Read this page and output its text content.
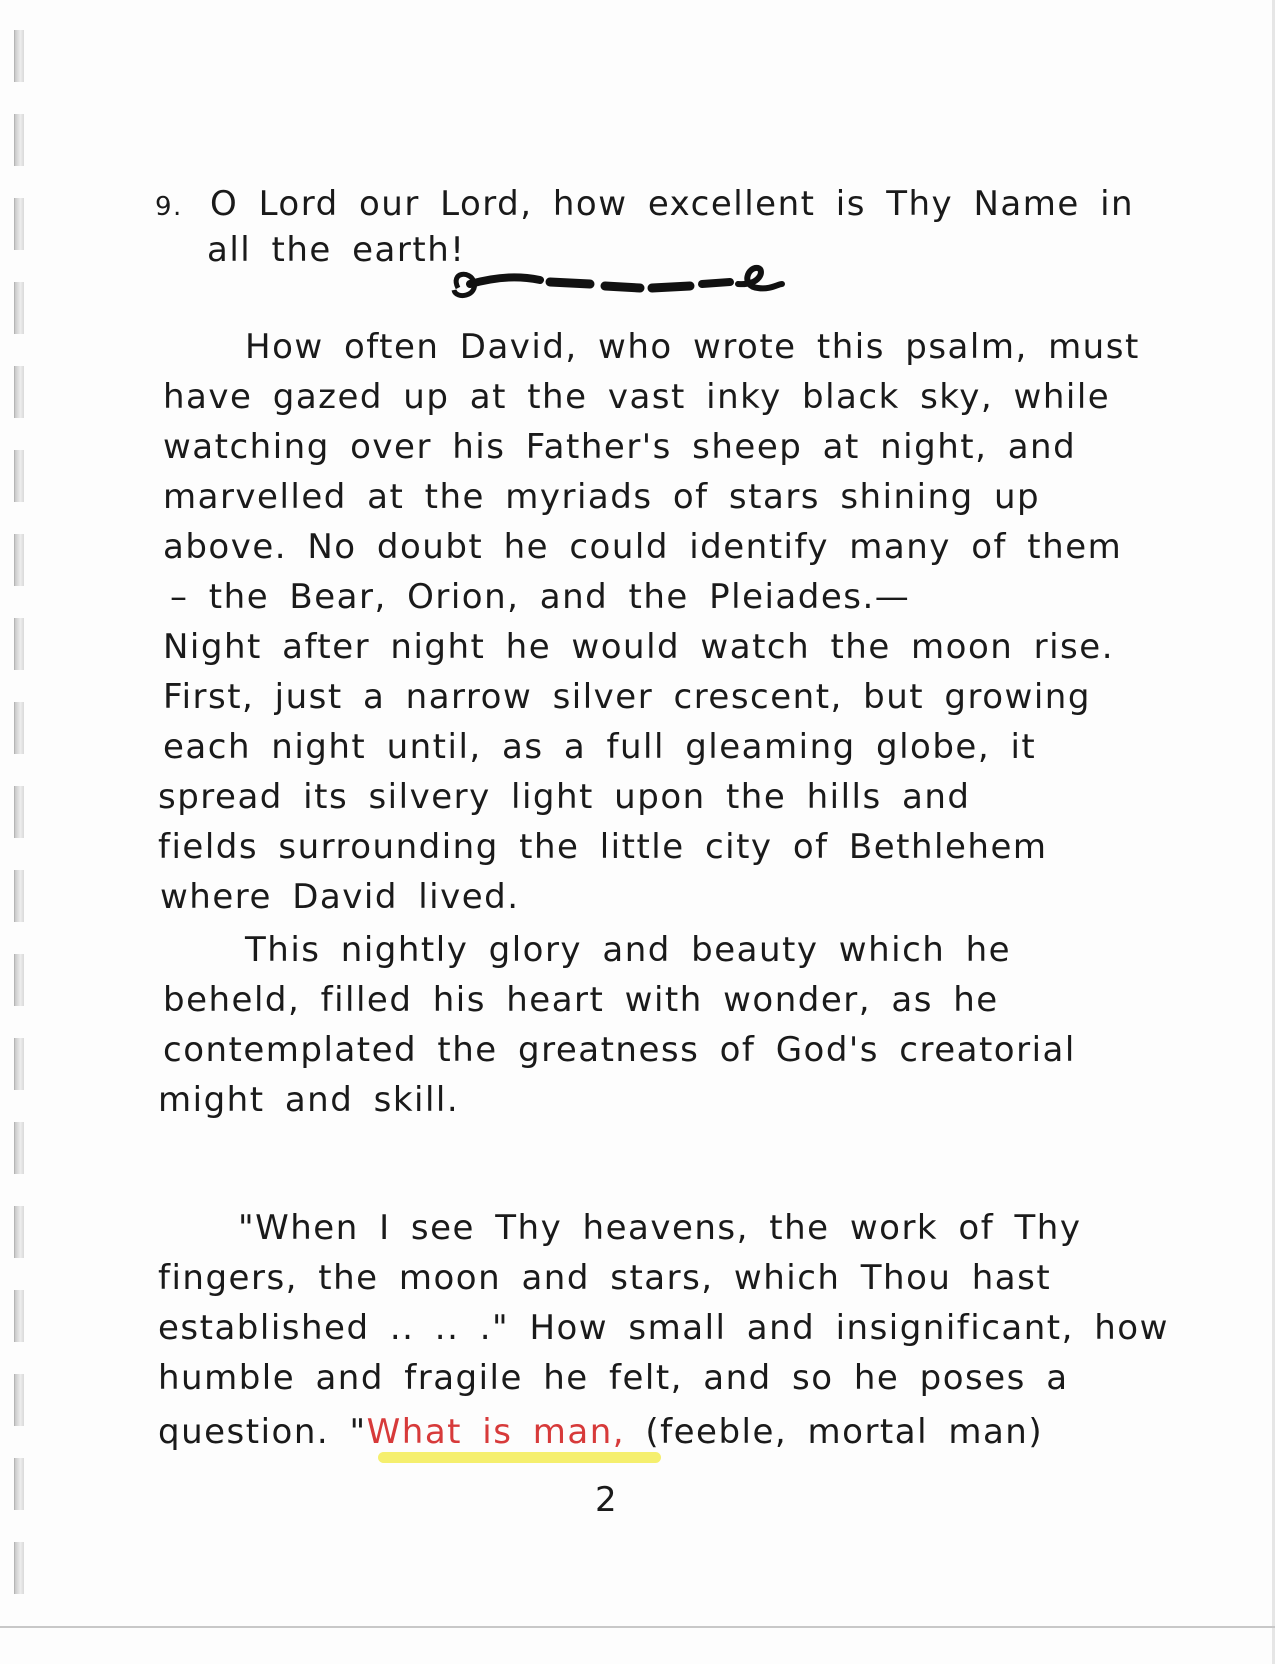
9. O Lord our Lord, how excellent is Thy Name in
all the earth!
How often David, who wrote this psalm, must
have gazed up at the vast inky black sky, while
watching over his Father's sheep at night, and
marvelled at the myriads of stars shining up
above. No doubt he could identify many of them
– the Bear, Orion, and the Pleiades.—
Night after night he would watch the moon rise.
First, just a narrow silver crescent, but growing
each night until, as a full gleaming globe, it
spread its silvery light upon the hills and
fields surrounding the little city of Bethlehem
where David lived.
This nightly glory and beauty which he
beheld, filled his heart with wonder, as he
contemplated the greatness of God's creatorial
might and skill.
"When I see Thy heavens, the work of Thy
fingers, the moon and stars, which Thou hast
established .. .. ." How small and insignificant, how
humble and fragile he felt, and so he poses a
question. "What is man, (feeble, mortal man)
2
